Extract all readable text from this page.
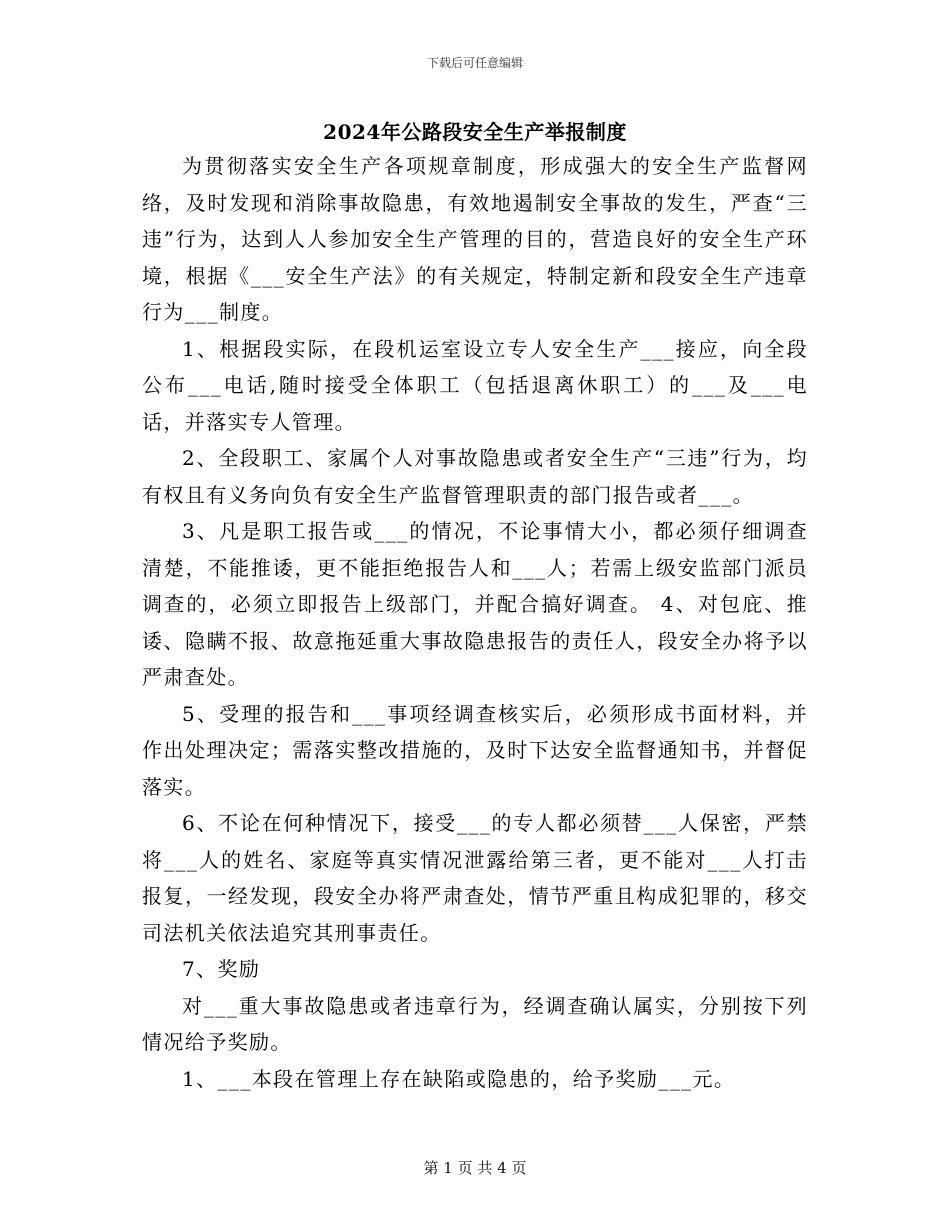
下载后可任意编辑
2024年公路段安全生产举报制度

为贯彻落实安全生产各项规章制度，形成强大的安全生产监督网络，及时发现和消除事故隐患，有效地遏制安全事故的发生，严查“三违”行为，达到人人参加安全生产管理的目的，营造良好的安全生产环境，根据《___安全生产法》的有关规定，特制定新和段安全生产违章行为___制度。

1、根据段实际，在段机运室设立专人安全生产___接应，向全段公布___电话,随时接受全体职工（包括退离休职工）的___及___电话，并落实专人管理。

2、全段职工、家属个人对事故隐患或者安全生产“三违”行为，均有权且有义务向负有安全生产监督管理职责的部门报告或者___。

3、凡是职工报告或___的情况，不论事情大小，都必须仔细调查清楚，不能推诿，更不能拒绝报告人和___人；若需上级安监部门派员调查的，必须立即报告上级部门，并配合搞好调查。 4、对包庇、推诿、隐瞒不报、故意拖延重大事故隐患报告的责任人，段安全办将予以严肃查处。

5、受理的报告和___事项经调查核实后，必须形成书面材料，并作出处理决定；需落实整改措施的，及时下达安全监督通知书，并督促落实。

6、不论在何种情况下，接受___的专人都必须替___人保密，严禁将___人的姓名、家庭等真实情况泄露给第三者，更不能对___人打击报复，一经发现，段安全办将严肃查处，情节严重且构成犯罪的，移交司法机关依法追究其刑事责任。

7、奖励

对___重大事故隐患或者违章行为，经调查确认属实，分别按下列情况给予奖励。

1、___本段在管理上存在缺陷或隐患的，给予奖励___元。

第 1 页 共 4 页
